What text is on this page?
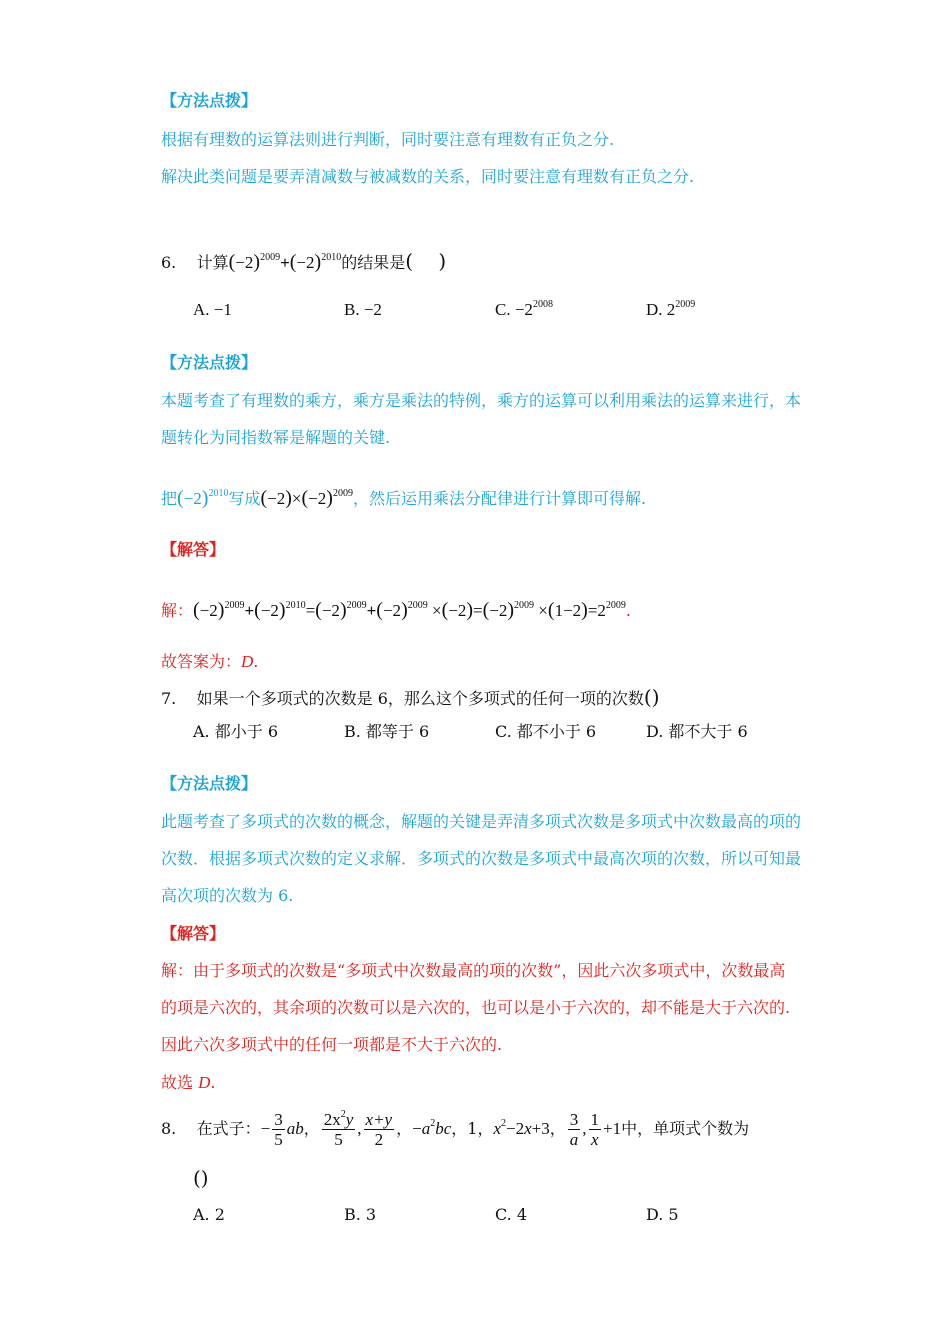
【方法点拨】
根据有理数的运算法则进行判断，同时要注意有理数有正负之分.
解决此类问题是要弄清减数与被减数的关系，同时要注意有理数有正负之分.
6. 计算$(-2)^{2009}+(-2)^{2010}$的结果是(    )
A. −1	B. −2	C. $-2^{2008}$	D. $2^{2009}$
【方法点拨】
本题考查了有理数的乘方，乘方是乘法的特例，乘方的运算可以利用乘法的运算来进行，本
题转化为同指数幂是解题的关键.
把$(-2)^{2010}$写成$(-2)\times(-2)^{2009}$，然后运用乘法分配律进行计算即可得解.
【解答】
解：$(-2)^{2009}+(-2)^{2010}=(-2)^{2009}+(-2)^{2009} \times(-2)=(-2)^{2009} \times(1-2)=2^{2009}$.
故答案为：D.
7. 如果一个多项式的次数是 6，那么这个多项式的任何一项的次数()
A. 都小于 6	B. 都等于 6	C. 都不小于 6	D. 都不大于 6
【方法点拨】
此题考查了多项式的次数的概念，解题的关键是弄清多项式次数是多项式中次数最高的项的
次数．根据多项式次数的定义求解．多项式的次数是多项式中最高次项的次数，所以可知最
高次项的次数为 6.
【解答】
解：由于多项式的次数是“多项式中次数最高的项的次数”，因此六次多项式中，次数最高
的项是六次的，其余项的次数可以是六次的，也可以是小于六次的，却不能是大于六次的.
因此六次多项式中的任何一项都是不大于六次的.
故选 D.
8. 在式子：− $\frac{3}{5}$ ab， $\frac{2x^2y}{5}$ , $\frac{x+y}{2}$ ，$-a^2bc$，1，$x^2-2x+3$， $\frac{3}{a}$ , $\frac{1}{x} +1$中，单项式个数为
()
A. 2	B. 3	C. 4	D. 5
